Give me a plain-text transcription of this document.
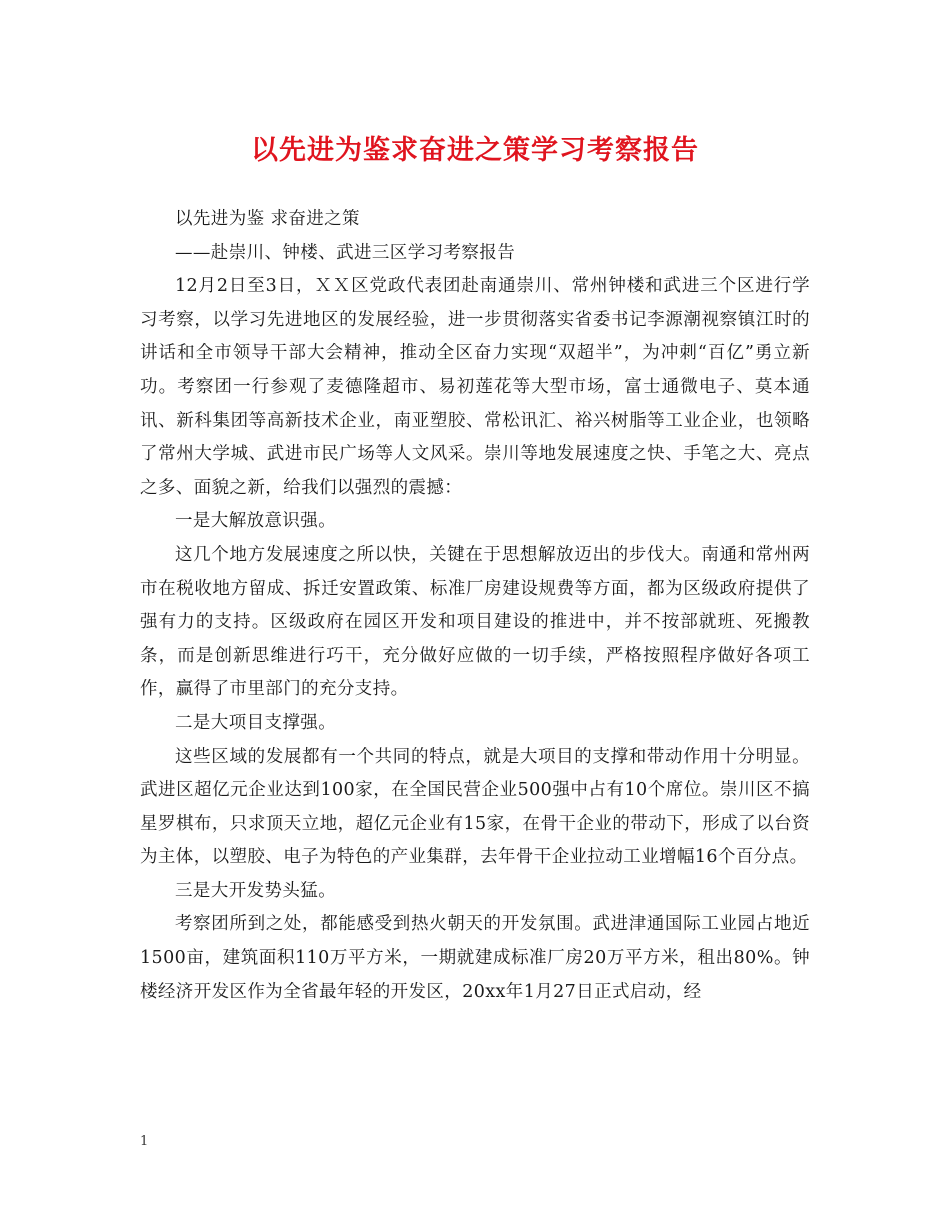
以先进为鉴求奋进之策学习考察报告

以先进为鉴 求奋进之策

——赴崇川、钟楼、武进三区学习考察报告

12月2日至3日，ＸＸ区党政代表团赴南通崇川、常州钟楼和武进三个区进行学习考察，以学习先进地区的发展经验，进一步贯彻落实省委书记李源潮视察镇江时的讲话和全市领导干部大会精神，推动全区奋力实现“双超半”，为冲刺“百亿”勇立新功。考察团一行参观了麦德隆超市、易初莲花等大型市场，富士通微电子、莫本通讯、新科集团等高新技术企业，南亚塑胶、常松讯汇、裕兴树脂等工业企业，也领略了常州大学城、武进市民广场等人文风采。崇川等地发展速度之快、手笔之大、亮点之多、面貌之新，给我们以强烈的震撼：

一是大解放意识强。

这几个地方发展速度之所以快，关键在于思想解放迈出的步伐大。南通和常州两市在税收地方留成、拆迁安置政策、标准厂房建设规费等方面，都为区级政府提供了强有力的支持。区级政府在园区开发和项目建设的推进中，并不按部就班、死搬教条，而是创新思维进行巧干，充分做好应做的一切手续，严格按照程序做好各项工作，赢得了市里部门的充分支持。

二是大项目支撑强。

这些区域的发展都有一个共同的特点，就是大项目的支撑和带动作用十分明显。武进区超亿元企业达到100家，在全国民营企业500强中占有10个席位。崇川区不搞星罗棋布，只求顶天立地，超亿元企业有15家，在骨干企业的带动下，形成了以台资为主体，以塑胶、电子为特色的产业集群，去年骨干企业拉动工业增幅16个百分点。

三是大开发势头猛。

考察团所到之处，都能感受到热火朝天的开发氛围。武进津通国际工业园占地近1500亩，建筑面积110万平方米，一期就建成标准厂房20万平方米，租出80%。钟楼经济开发区作为全省最年轻的开发区，20xx年1月27日正式启动，经

1
